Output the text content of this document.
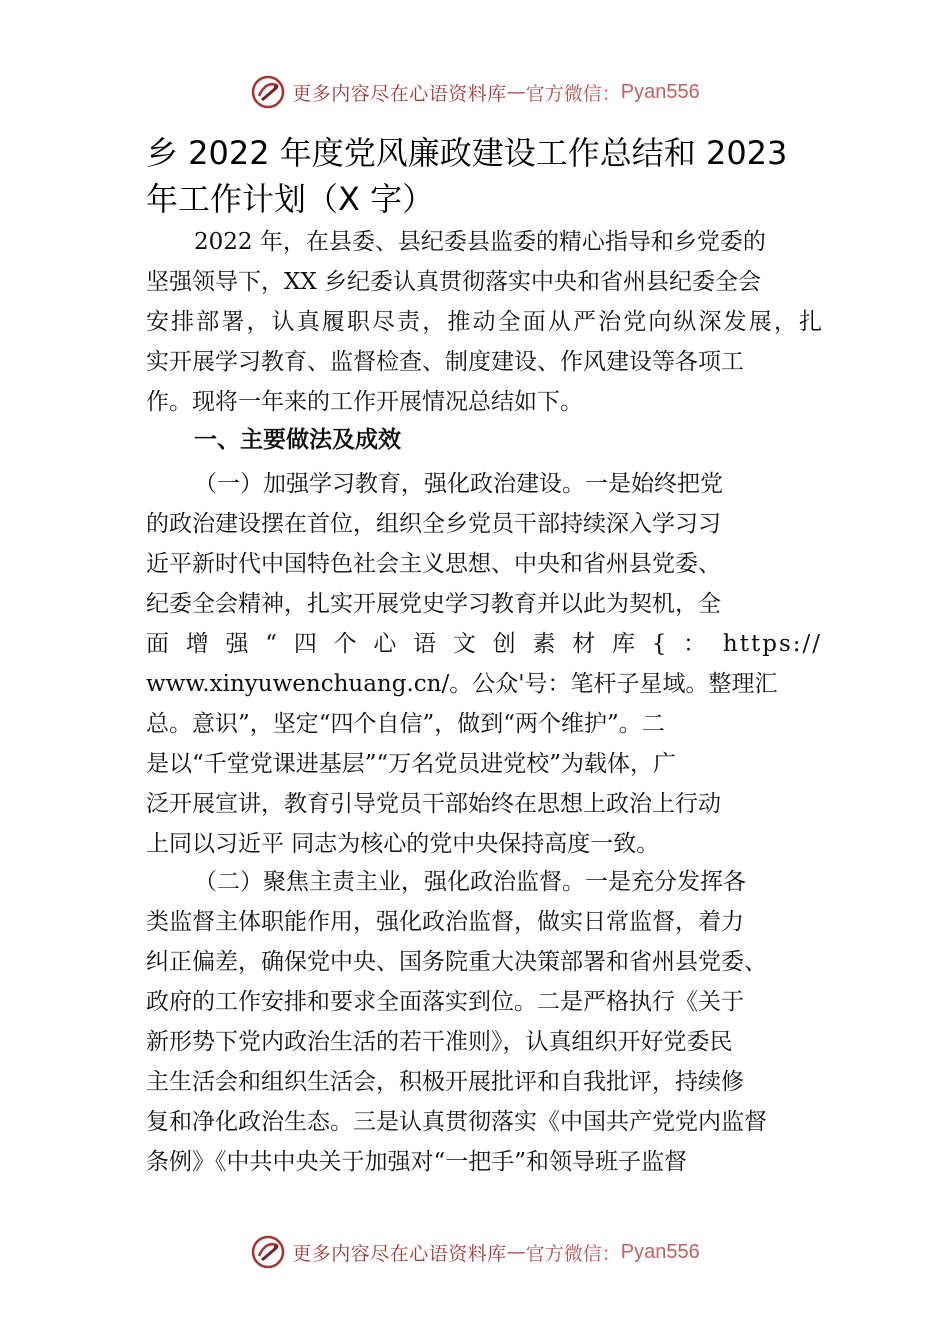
更多内容尽在心语资料库 — 官方微信： Pyan556
乡 2022 年度党风廉政建设工作总结和 2023
年工作计划（X 字）
2022 年，在县委、县纪委县监委的精心指导和乡党委的
坚强领导下，XX 乡纪委认真贯彻落实中央和省州县纪委全会
安排部署，认真履职尽责，推动全面从严治党向纵深发展，扎
实开展学习教育、监督检查、制度建设、作风建设等各项工
作。现将一年来的工作开展情况总结如下。
一、主要做法及成效
（一）加强学习教育，强化政治建设。一是始终把党
的政治建设摆在首位，组织全乡党员干部持续深入学习习
近平新时代中国特色社会主义思想、中央和省州县党委、
纪委全会精神，扎实开展党史学习教育并以此为契机，全
面增强“四个心语文创素材库{：https://
www.xinyuwenchuang.cn/。公众'号：笔杆子星域。整理汇
总。意识”，坚定“四个自信”，做到“两个维护”。二
是以“千堂党课进基层”“万名党员进党校”为载体，广
泛开展宣讲，教育引导党员干部始终在思想上政治上行动
上同以习近平 同志为核心的党中央保持高度一致。
（二）聚焦主责主业，强化政治监督。一是充分发挥各
类监督主体职能作用，强化政治监督，做实日常监督，着力
纠正偏差，确保党中央、国务院重大决策部署和省州县党委、
政府的工作安排和要求全面落实到位。二是严格执行《关于
新形势下党内政治生活的若干准则》，认真组织开好党委民
主生活会和组织生活会，积极开展批评和自我批评，持续修
复和净化政治生态。三是认真贯彻落实《中国共产党党内监督
条例》《中共中央关于加强对“一把手”和领导班子监督
更多内容尽在心语资料库 — 官方微信： Pyan556
